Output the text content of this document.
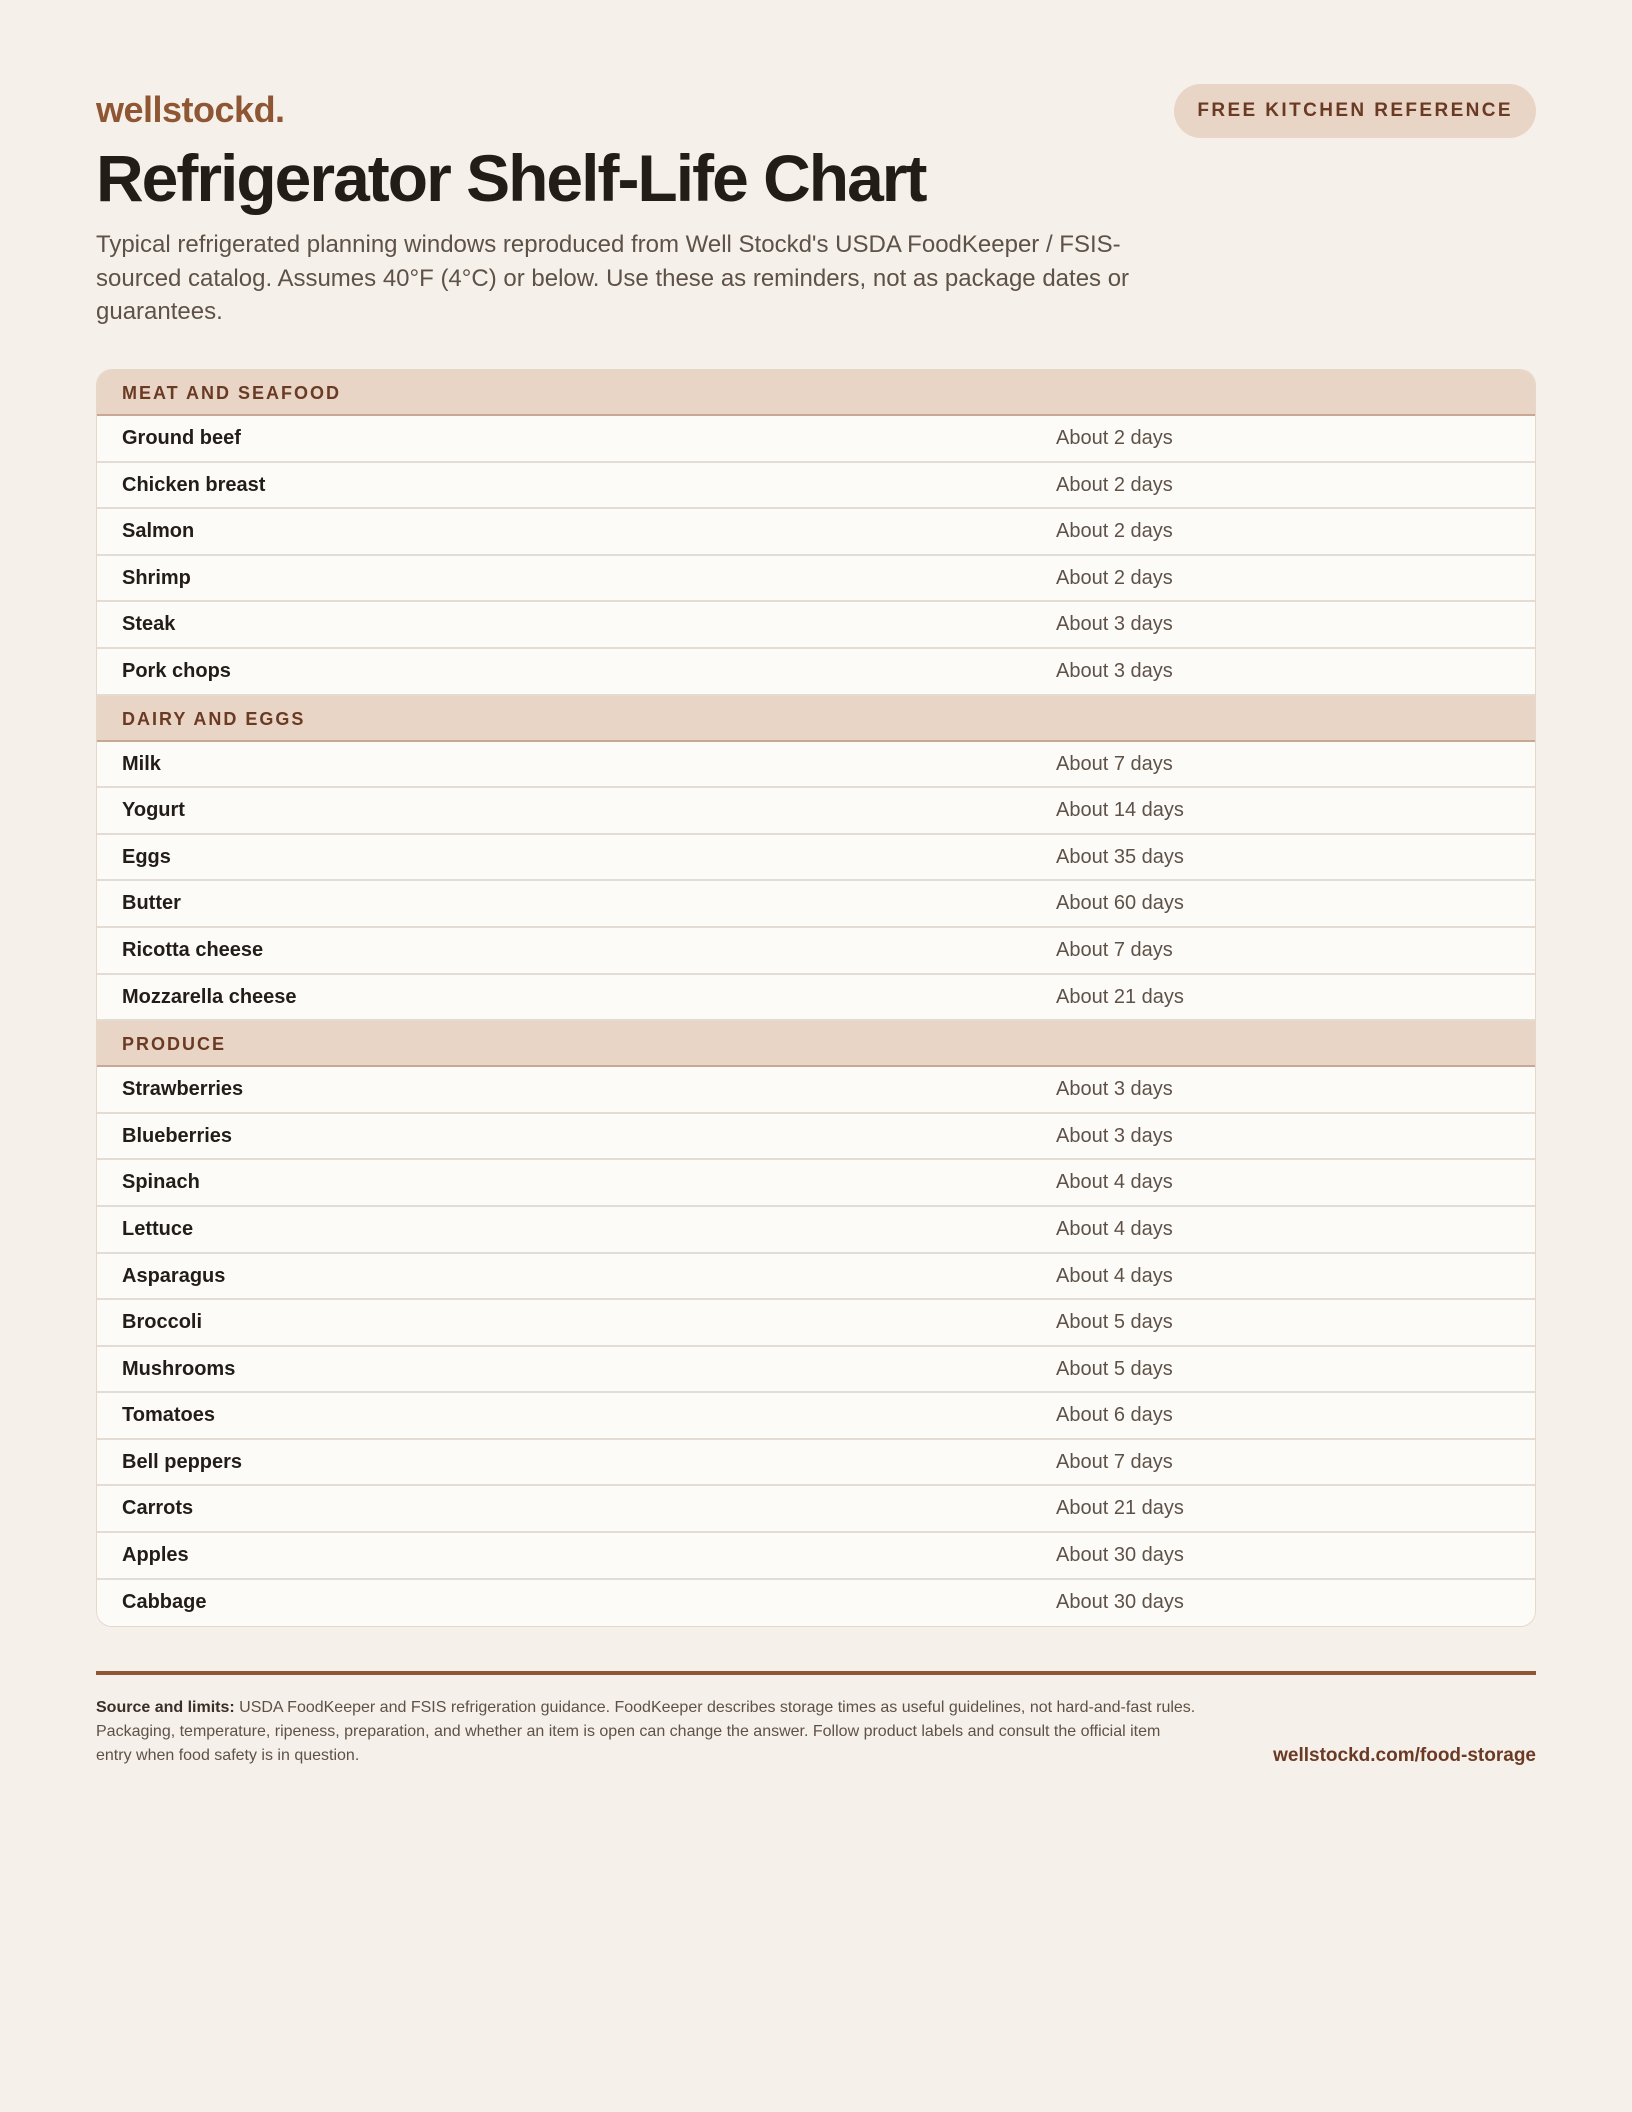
wellstockd.	FREE KITCHEN REFERENCE
Refrigerator Shelf-Life Chart

Typical refrigerated planning windows reproduced from Well Stockd's USDA FoodKeeper / FSIS-sourced catalog. Assumes 40°F (4°C) or below. Use these as reminders, not as package dates or guarantees.

MEAT AND SEAFOOD
Ground beef	About 2 days
Chicken breast	About 2 days
Salmon	About 2 days
Shrimp	About 2 days
Steak	About 3 days
Pork chops	About 3 days
DAIRY AND EGGS
Milk	About 7 days
Yogurt	About 14 days
Eggs	About 35 days
Butter	About 60 days
Ricotta cheese	About 7 days
Mozzarella cheese	About 21 days
PRODUCE
Strawberries	About 3 days
Blueberries	About 3 days
Spinach	About 4 days
Lettuce	About 4 days
Asparagus	About 4 days
Broccoli	About 5 days
Mushrooms	About 5 days
Tomatoes	About 6 days
Bell peppers	About 7 days
Carrots	About 21 days
Apples	About 30 days
Cabbage	About 30 days

Source and limits: USDA FoodKeeper and FSIS refrigeration guidance. FoodKeeper describes storage times as useful guidelines, not hard-and-fast rules. Packaging, temperature, ripeness, preparation, and whether an item is open can change the answer. Follow product labels and consult the official item entry when food safety is in question.	wellstockd.com/food-storage
